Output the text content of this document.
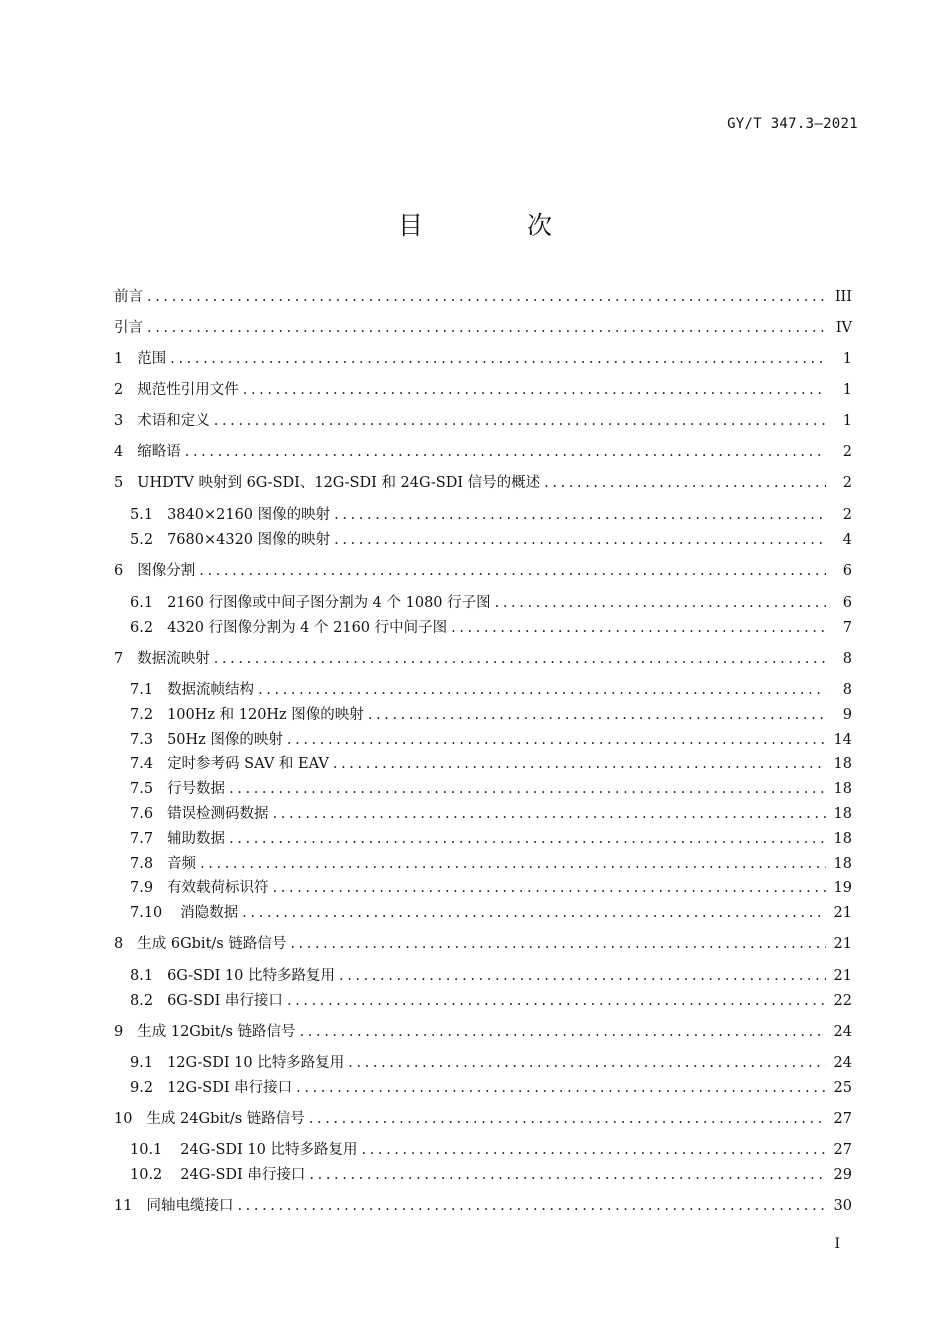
GY/T 347.3—2021
目 次
前言 .....	III
引言 .....	IV
1 范围 .....	1
2 规范性引用文件 .....	1
3 术语和定义 .....	1
4 缩略语 .....	2
5 UHDTV 映射到 6G-SDI、12G-SDI 和 24G-SDI 信号的概述 .....	2
5.1 3840×2160 图像的映射 .....	2
5.2 7680×4320 图像的映射 .....	4
6 图像分割 .....	6
6.1 2160 行图像或中间子图分割为 4 个 1080 行子图 .....	6
6.2 4320 行图像分割为 4 个 2160 行中间子图 .....	7
7 数据流映射 .....	8
7.1 数据流帧结构 .....	8
7.2 100Hz 和 120Hz 图像的映射 .....	9
7.3 50Hz 图像的映射 .....	14
7.4 定时参考码 SAV 和 EAV .....	18
7.5 行号数据 .....	18
7.6 错误检测码数据 .....	18
7.7 辅助数据 .....	18
7.8 音频 .....	18
7.9 有效载荷标识符 .....	19
7.10 消隐数据 .....	21
8 生成 6Gbit/s 链路信号 .....	21
8.1 6G-SDI 10 比特多路复用 .....	21
8.2 6G-SDI 串行接口 .....	22
9 生成 12Gbit/s 链路信号 .....	24
9.1 12G-SDI 10 比特多路复用 .....	24
9.2 12G-SDI 串行接口 .....	25
10 生成 24Gbit/s 链路信号 .....	27
10.1 24G-SDI 10 比特多路复用 .....	27
10.2 24G-SDI 串行接口 .....	29
11 同轴电缆接口 .....	30
I
